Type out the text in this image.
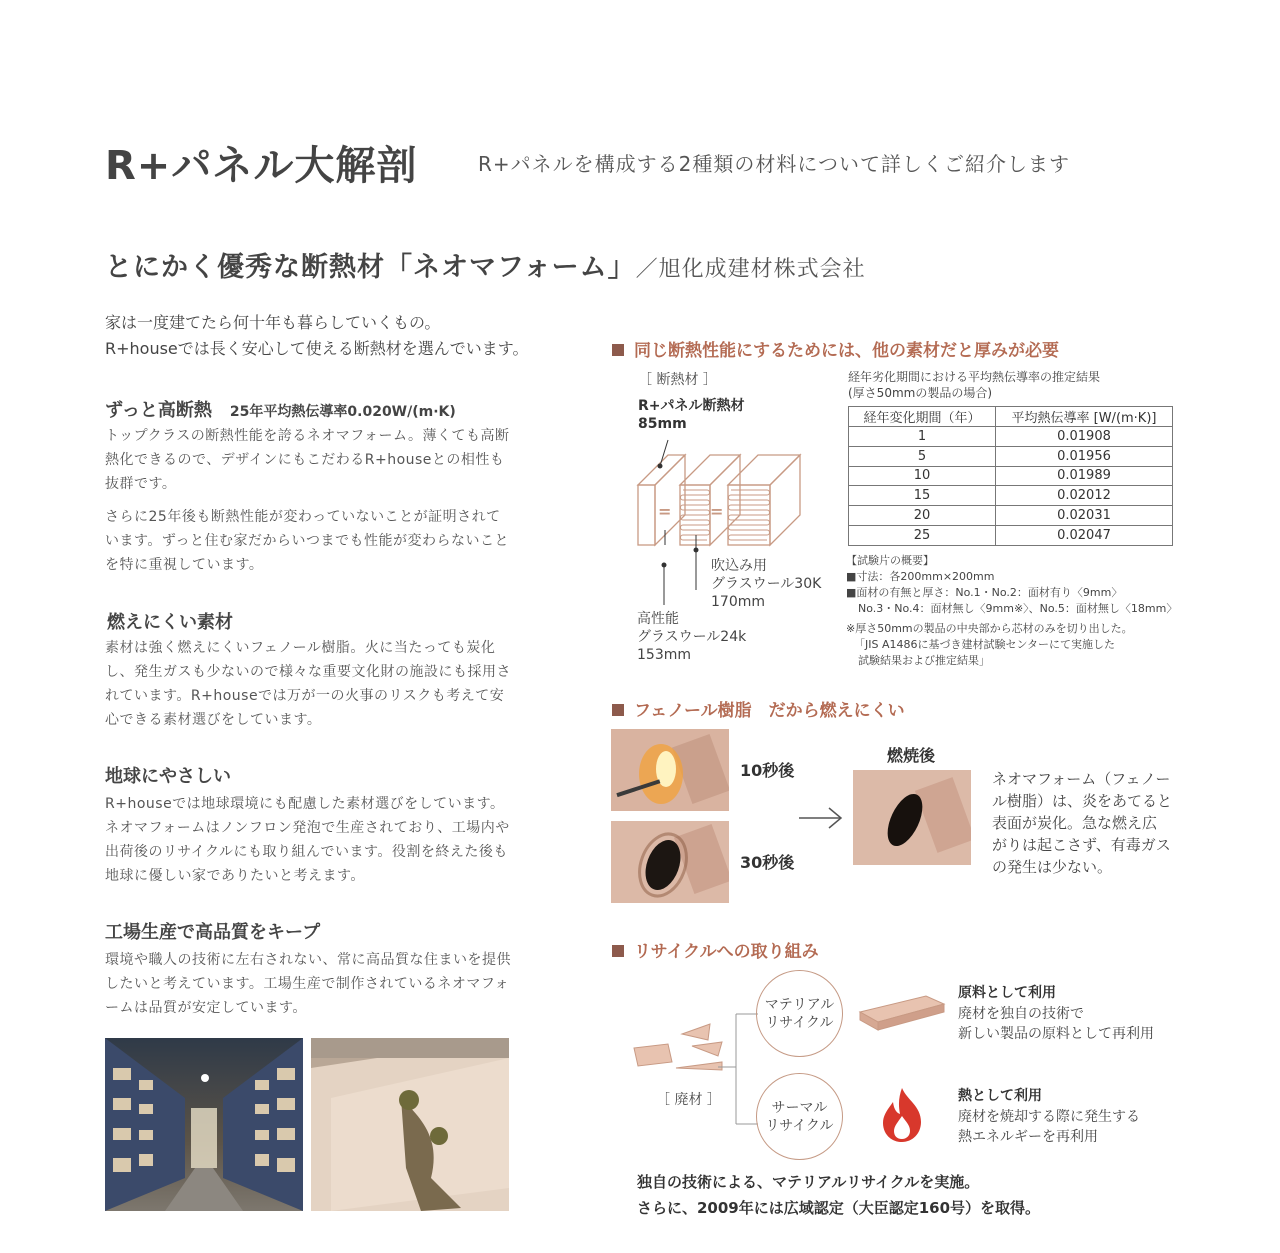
R+パネル大解剖	R+パネルを構成する2種類の材料について詳しくご紹介します
とにかく優秀な断熱材「ネオマフォーム」／旭化成建材株式会社
家は一度建てたら何十年も暮らしていくもの。
R+houseでは長く安心して使える断熱材を選んでいます。
ずっと高断熱 25年平均熱伝導率0.020W/(m·K)
トップクラスの断熱性能を誇るネオマフォーム。薄くても高断熱化できるので、デザインにもこだわるR+houseとの相性も抜群です。
さらに25年後も断熱性能が変わっていないことが証明されています。ずっと住む家だからいつまでも性能が変わらないことを特に重視しています。
燃えにくい素材
素材は強く燃えにくいフェノール樹脂。火に当たっても炭化し、発生ガスも少ないので様々な重要文化財の施設にも採用されています。R+houseでは万が一の火事のリスクも考えて安心できる素材選びをしています。
地球にやさしい
R+houseでは地球環境にも配慮した素材選びをしています。ネオマフォームはノンフロン発泡で生産されており、工場内や出荷後のリサイクルにも取り組んでいます。役割を終えた後も地球に優しい家でありたいと考えます。
工場生産で高品質をキープ
環境や職人の技術に左右されない、常に高品質な住まいを提供したいと考えています。工場生産で制作されているネオマフォームは品質が安定しています。
同じ断熱性能にするためには、他の素材だと厚みが必要
［ 断熱材 ］
R+パネル断熱材
85mm
= =
吹込み用
グラスウール30K
170mm
高性能
グラスウール24k
153mm
経年劣化期間における平均熱伝導率の推定結果
(厚さ50mmの製品の場合)
経年変化期間（年）	平均熱伝導率 [W/(m·K)]
1	0.01908
5	0.01956
10	0.01989
15	0.02012
20	0.02031
25	0.02047
【試験片の概要】
■寸法：各200mm×200mm
■面材の有無と厚さ：No.1・No.2：面材有り〈9mm〉
No.3・No.4：面材無し〈9mm※〉、No.5：面材無し〈18mm〉
※厚さ50mmの製品の中央部から芯材のみを切り出した。
「JIS A1486に基づき建材試験センターにて実施した
試験結果および推定結果」
フェノール樹脂　だから燃えにくい
10秒後
30秒後
燃焼後
ネオマフォーム（フェノー
ル樹脂）は、炎をあてると
表面が炭化。急な燃え広
がりは起こさず、有毒ガス
の発生は少ない。
リサイクルへの取り組み
［ 廃材 ］
マテリアル
リサイクル
サーマル
リサイクル
原料として利用
廃材を独自の技術で
新しい製品の原料として再利用
熱として利用
廃材を焼却する際に発生する
熱エネルギーを再利用
独自の技術による、マテリアルリサイクルを実施。
さらに、2009年には広域認定（大臣認定160号）を取得。
